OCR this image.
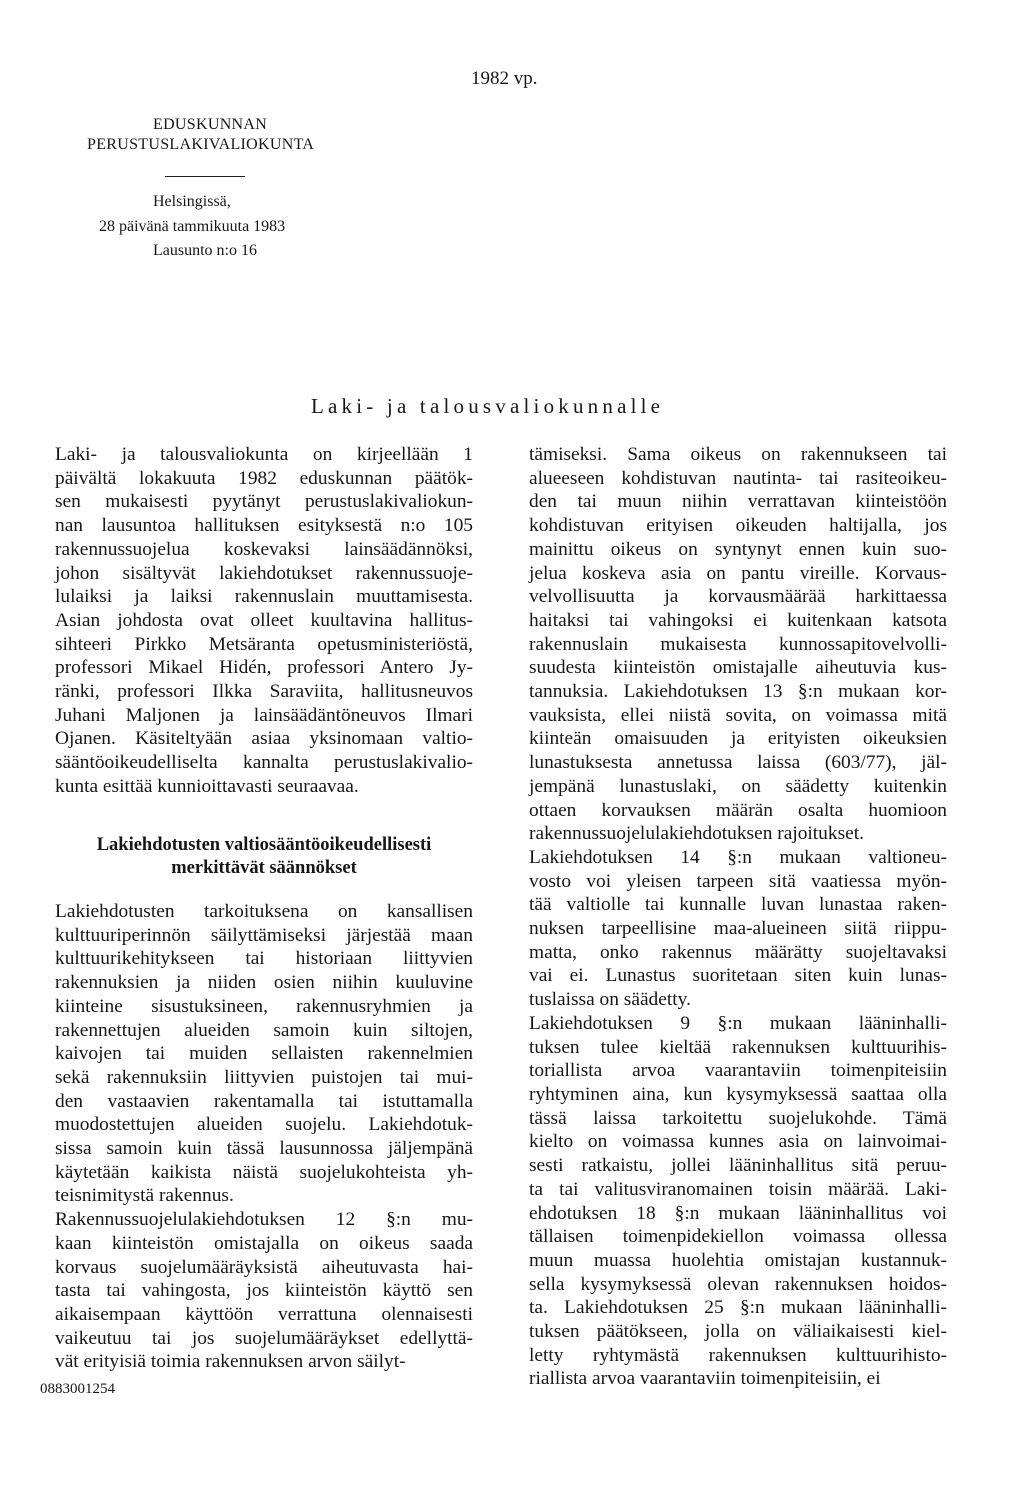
1982 vp.
EDUSKUNNAN
PERUSTUSLAKIVALIOKUNTA
Helsingissä,
28 päivänä tammikuuta 1983
Lausunto n:o 16
Laki- ja talousvaliokunnalle
Laki- ja talousvaliokunta on kirjeellään 1
päivältä lokakuuta 1982 eduskunnan päätök-
sen mukaisesti pyytänyt perustuslakivaliokun-
nan lausuntoa hallituksen esityksestä n:o 105
rakennussuojelua koskevaksi lainsäädännöksi,
johon sisältyvät lakiehdotukset rakennussuoje-
lulaiksi ja laiksi rakennuslain muuttamisesta.
Asian johdosta ovat olleet kuultavina hallitus-
sihteeri Pirkko Metsäranta opetusministeriöstä,
professori Mikael Hidén, professori Antero Jy-
ränki, professori Ilkka Saraviita, hallitusneuvos
Juhani Maljonen ja lainsäädäntöneuvos Ilmari
Ojanen. Käsiteltyään asiaa yksinomaan valtio-
sääntöoikeudelliselta kannalta perustuslakivalio-
kunta esittää kunnioittavasti seuraavaa.
Lakiehdotusten valtiosääntöoikeudellisesti
merkittävät säännökset
Lakiehdotusten tarkoituksena on kansallisen
kulttuuriperinnön säilyttämiseksi järjestää maan
kulttuurikehitykseen tai historiaan liittyvien
rakennuksien ja niiden osien niihin kuuluvine
kiinteine sisustuksineen, rakennusryhmien ja
rakennettujen alueiden samoin kuin siltojen,
kaivojen tai muiden sellaisten rakennelmien
sekä rakennuksiin liittyvien puistojen tai mui-
den vastaavien rakentamalla tai istuttamalla
muodostettujen alueiden suojelu. Lakiehdotuk-
sissa samoin kuin tässä lausunnossa jäljempänä
käytetään kaikista näistä suojelukohteista yh-
teisnimitystä rakennus.
Rakennussuojelulakiehdotuksen 12 §:n mu-
kaan kiinteistön omistajalla on oikeus saada
korvaus suojelumääräyksistä aiheutuvasta hai-
tasta tai vahingosta, jos kiinteistön käyttö sen
aikaisempaan käyttöön verrattuna olennaisesti
vaikeutuu tai jos suojelumääräykset edellyttä-
vät erityisiä toimia rakennuksen arvon säilyt-
tämiseksi. Sama oikeus on rakennukseen tai
alueeseen kohdistuvan nautinta- tai rasiteoikeu-
den tai muun niihin verrattavan kiinteistöön
kohdistuvan erityisen oikeuden haltijalla, jos
mainittu oikeus on syntynyt ennen kuin suo-
jelua koskeva asia on pantu vireille. Korvaus-
velvollisuutta ja korvausmäärää harkittaessa
haitaksi tai vahingoksi ei kuitenkaan katsota
rakennuslain mukaisesta kunnossapitovelvolli-
suudesta kiinteistön omistajalle aiheutuvia kus-
tannuksia. Lakiehdotuksen 13 §:n mukaan kor-
vauksista, ellei niistä sovita, on voimassa mitä
kiinteän omaisuuden ja erityisten oikeuksien
lunastuksesta annetussa laissa (603/77), jäl-
jempänä lunastuslaki, on säädetty kuitenkin
ottaen korvauksen määrän osalta huomioon
rakennussuojelulakiehdotuksen rajoitukset.
Lakiehdotuksen 14 §:n mukaan valtioneu-
vosto voi yleisen tarpeen sitä vaatiessa myön-
tää valtiolle tai kunnalle luvan lunastaa raken-
nuksen tarpeellisine maa-alueineen siitä riippu-
matta, onko rakennus määrätty suojeltavaksi
vai ei. Lunastus suoritetaan siten kuin lunas-
tuslaissa on säädetty.
Lakiehdotuksen 9 §:n mukaan lääninhalli-
tuksen tulee kieltää rakennuksen kulttuurihis-
toriallista arvoa vaarantaviin toimenpiteisiin
ryhtyminen aina, kun kysymyksessä saattaa olla
tässä laissa tarkoitettu suojelukohde. Tämä
kielto on voimassa kunnes asia on lainvoimai-
sesti ratkaistu, jollei lääninhallitus sitä peruu-
ta tai valitusviranomainen toisin määrää. Laki-
ehdotuksen 18 §:n mukaan lääninhallitus voi
tällaisen toimenpidekiellon voimassa ollessa
muun muassa huolehtia omistajan kustannuk-
sella kysymyksessä olevan rakennuksen hoidos-
ta. Lakiehdotuksen 25 §:n mukaan lääninhalli-
tuksen päätökseen, jolla on väliaikaisesti kiel-
letty ryhtymästä rakennuksen kulttuurihisto-
riallista arvoa vaarantaviin toimenpiteisiin, ei
0883001254
